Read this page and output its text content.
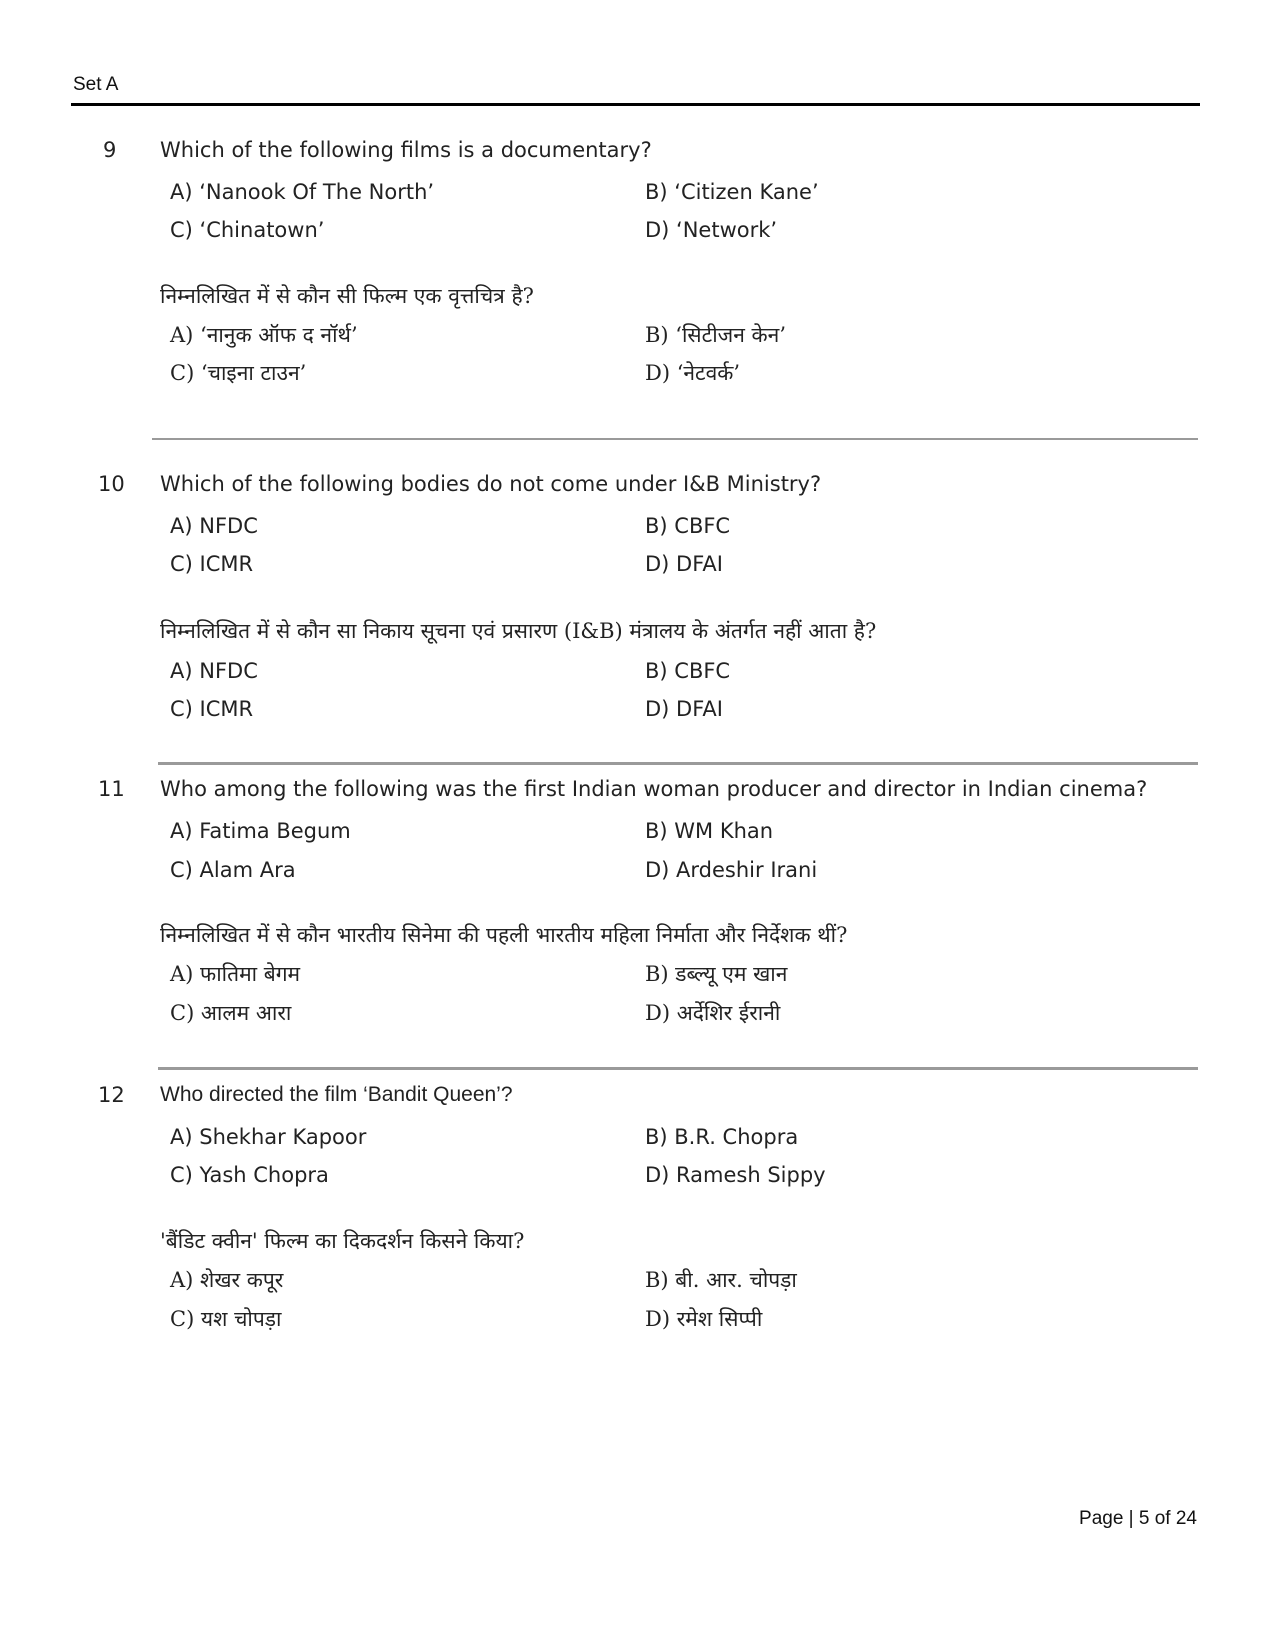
Set A
9 Which of the following films is a documentary?
A) ‘Nanook Of The North’	B) ‘Citizen Kane’
C) ‘Chinatown’	D) ‘Network’
निम्नलिखित में से कौन सी फिल्म एक वृत्तचित्र है?
A) ‘नानुक ऑफ द नॉर्थ’	B) ‘सिटीजन केन’
C) ‘चाइना टाउन’	D) ‘नेटवर्क’
10 Which of the following bodies do not come under I&B Ministry?
A) NFDC	B) CBFC
C) ICMR	D) DFAI
निम्नलिखित में से कौन सा निकाय सूचना एवं प्रसारण (I&B) मंत्रालय के अंतर्गत नहीं आता है?
A) NFDC	B) CBFC
C) ICMR	D) DFAI
11 Who among the following was the first Indian woman producer and director in Indian cinema?
A) Fatima Begum	B) WM Khan
C) Alam Ara	D) Ardeshir Irani
निम्नलिखित में से कौन भारतीय सिनेमा की पहली भारतीय महिला निर्माता और निर्देशक थीं?
A) फातिमा बेगम	B) डब्ल्यू एम खान
C) आलम आरा	D) अर्देशिर ईरानी
12 Who directed the film ‘Bandit Queen’?
A) Shekhar Kapoor	B) B.R. Chopra
C) Yash Chopra	D) Ramesh Sippy
'बैंडिट क्वीन' फिल्म का दिकदर्शन किसने किया?
A) शेखर कपूर	B) बी. आर. चोपड़ा
C) यश चोपड़ा	D) रमेश सिप्पी
Page | 5 of 24
